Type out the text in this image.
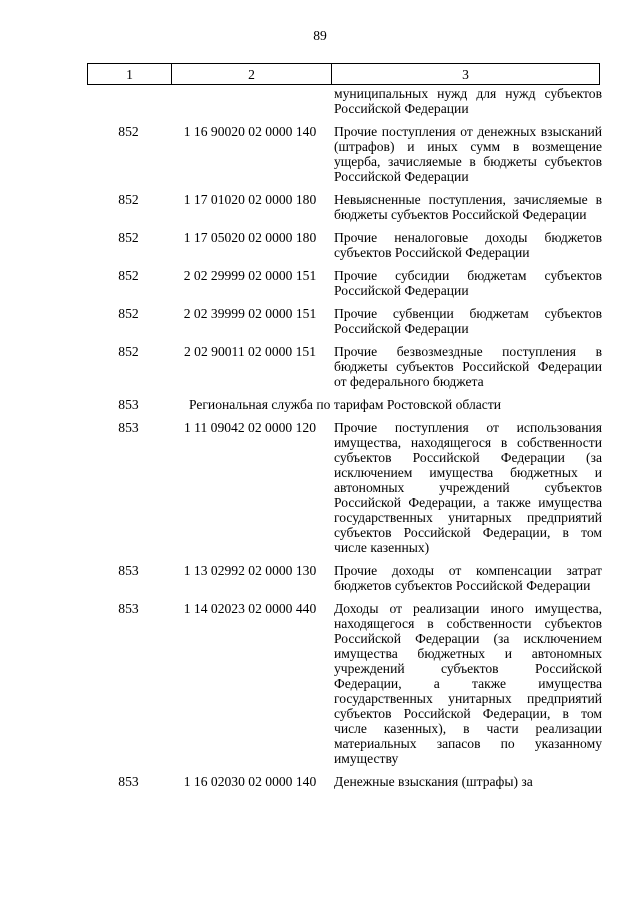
89
1	2	3
муниципальных нужд для нужд субъектов Российской Федерации
852	1 16 90020 02 0000 140	Прочие поступления от денежных взысканий (штрафов) и иных сумм в возмещение ущерба, зачисляемые в бюджеты субъектов Российской Федерации
852	1 17 01020 02 0000 180	Невыясненные поступления, зачисляемые в бюджеты субъектов Российской Федерации
852	1 17 05020 02 0000 180	Прочие неналоговые доходы бюджетов субъектов Российской Федерации
852	2 02 29999 02 0000 151	Прочие субсидии бюджетам субъектов Российской Федерации
852	2 02 39999 02 0000 151	Прочие субвенции бюджетам субъектов Российской Федерации
852	2 02 90011 02 0000 151	Прочие безвозмездные поступления в бюджеты субъектов Российской Федерации от федерального бюджета
853	Региональная служба по тарифам Ростовской области
853	1 11 09042 02 0000 120	Прочие поступления от использования имущества, находящегося в собственности субъектов Российской Федерации (за исключением имущества бюджетных и автономных учреждений субъектов Российской Федерации, а также имущества государственных унитарных предприятий субъектов Российской Федерации, в том числе казенных)
853	1 13 02992 02 0000 130	Прочие доходы от компенсации затрат бюджетов субъектов Российской Федерации
853	1 14 02023 02 0000 440	Доходы от реализации иного имущества, находящегося в собственности субъектов Российской Федерации (за исключением имущества бюджетных и автономных учреждений субъектов Российской Федерации, а также имущества государственных унитарных предприятий субъектов Российской Федерации, в том числе казенных), в части реализации материальных запасов по указанному имуществу
853	1 16 02030 02 0000 140	Денежные взыскания (штрафы) за
